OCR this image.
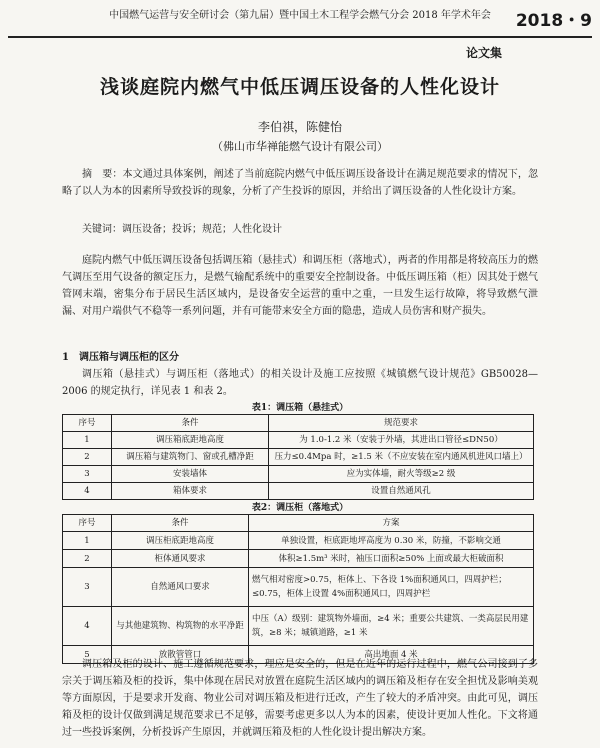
中国燃气运营与安全研讨会（第九届）暨中国土木工程学会燃气分会 2018 年学术年会	2018・9
论文集
浅谈庭院内燃气中低压调压设备的人性化设计
李伯祺，陈健怡
（佛山市华禅能燃气设计有限公司）
摘　要：本文通过具体案例，阐述了当前庭院内燃气中低压调压设备设计在满足规范要求的情况下，忽略了以人为本的因素所导致投诉的现象，分析了产生投诉的原因，并给出了调压设备的人性化设计方案。
关键词：调压设备；投诉；规范；人性化设计
庭院内燃气中低压调压设备包括调压箱（悬挂式）和调压柜（落地式），两者的作用都是将较高压力的燃气调压至用气设备的额定压力，是燃气输配系统中的重要安全控制设备。中低压调压箱（柜）因其处于燃气管网末端，密集分布于居民生活区域内，是设备安全运营的重中之重，一旦发生运行故障，将导致燃气泄漏、对用户端供气不稳等一系列问题，并有可能带来安全方面的隐患，造成人员伤害和财产损失。
1　调压箱与调压柜的区分
调压箱（悬挂式）与调压柜（落地式）的相关设计及施工应按照《城镇燃气设计规范》GB50028—2006 的规定执行，详见表 1 和表 2。
表1：调压箱（悬挂式）
序号	条件	规范要求
1	调压箱底距地高度	为 1.0-1.2 米（安装于外墙，其进出口管径≤DN50）
2	调压箱与建筑物门、窗或孔槽净距	压力≤0.4Mpa 时，≥1.5 米（不应安装在室内通风机进风口墙上）
3	安装墙体	应为实体墙，耐火等级≥2 级
4	箱体要求	设置自然通风孔
表2：调压柜（落地式）
序号	条件	方案
1	调压柜底距地高度	单独设置，柜底距地坪高度为 0.30 米，防撞，不影响交通
2	柜体通风要求	体积≥1.5m³ 米时，袖压口面积≥50% 上面或最大柜破面积
3	自然通风口要求	燃气相对密度>0.75，柜体上、下各设 1%面积通风口，四周护栏；≤0.75，柜体上设置 4%面积通风口，四周护栏
4	与其他建筑物、构筑物的水平净距	中压（A）级别：建筑物外墙面，≥4 米；重要公共建筑、一类高层民用建筑，≥8 米；城镇道路，≥1 米
5	放散管管口	高出地面 4 米
调压箱及柜的设计、施工遵循规范要求，理应是安全的，但是在近年的运行过程中，燃气公司接到了多宗关于调压箱及柜的投诉，集中体现在居民对放置在庭院生活区域内的调压箱及柜存在安全担忧及影响美观等方面原因，于是要求开发商、物业公司对调压箱及柜进行迁改，产生了较大的矛盾冲突。由此可见，调压箱及柜的设计仅做到满足规范要求已不足够，需要考虑更多以人为本的因素，使设计更加人性化。下文将通过一些投诉案例，分析投诉产生原因，并就调压箱及柜的人性化设计提出解决方案。
